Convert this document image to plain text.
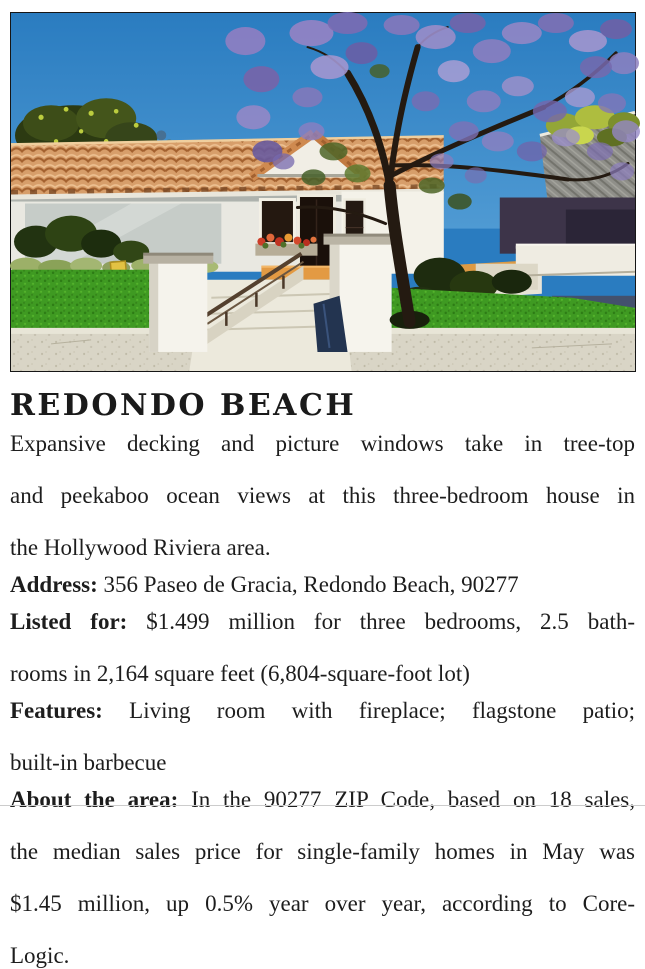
REDONDO BEACH
Expansive decking and picture windows take in tree-top
and peekaboo ocean views at this three-bedroom house in
the Hollywood Riviera area.
Address: 356 Paseo de Gracia, Redondo Beach, 90277
Listed for: $1.499 million for three bedrooms, 2.5 bath-
rooms in 2,164 square feet (6,804-square-foot lot)
Features: Living room with fireplace; flagstone patio;
built-in barbecue
About the area: In the 90277 ZIP Code, based on 18 sales,
the median sales price for single-family homes in May was
$1.45 million, up 0.5% year over year, according to Core-
Logic.
